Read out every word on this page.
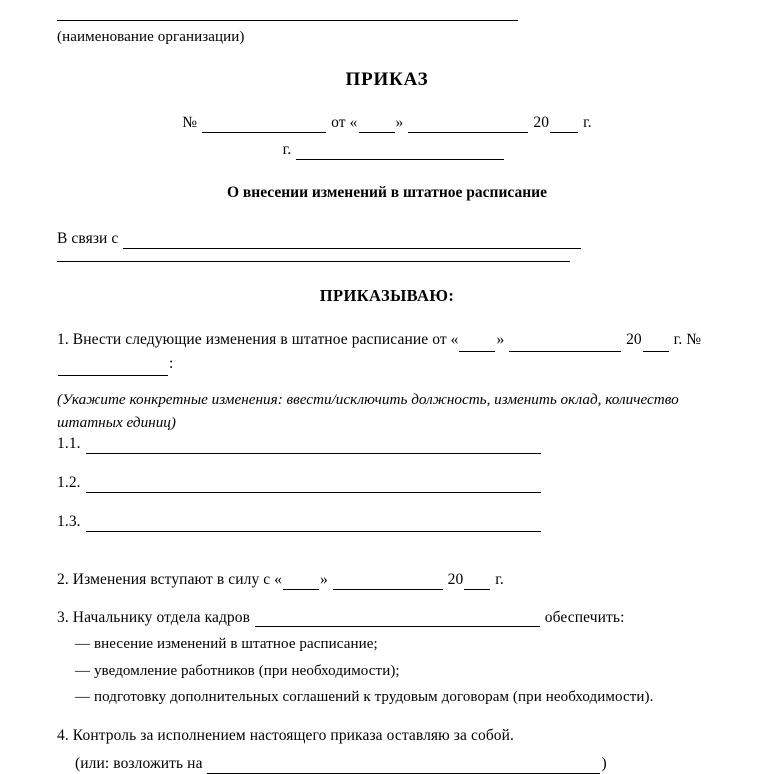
(наименование организации)
ПРИКАЗ
№	от « »	20 г.
г.
О внесении изменений в штатное расписание
В связи с
ПРИКАЗЫВАЮ:
1. Внести следующие изменения в штатное расписание от « »	20 г. №
:
(Укажите конкретные изменения: ввести/исключить должность, изменить оклад, количество штатных единиц)
1.1.
1.2.
1.3.
2. Изменения вступают в силу с « »	20 г.
3. Начальнику отдела кадров	обеспечить:
— внесение изменений в штатное расписание;
— уведомление работников (при необходимости);
— подготовку дополнительных соглашений к трудовым договорам (при необходимости).
4. Контроль за исполнением настоящего приказа оставляю за собой.
(или: возложить на	)
